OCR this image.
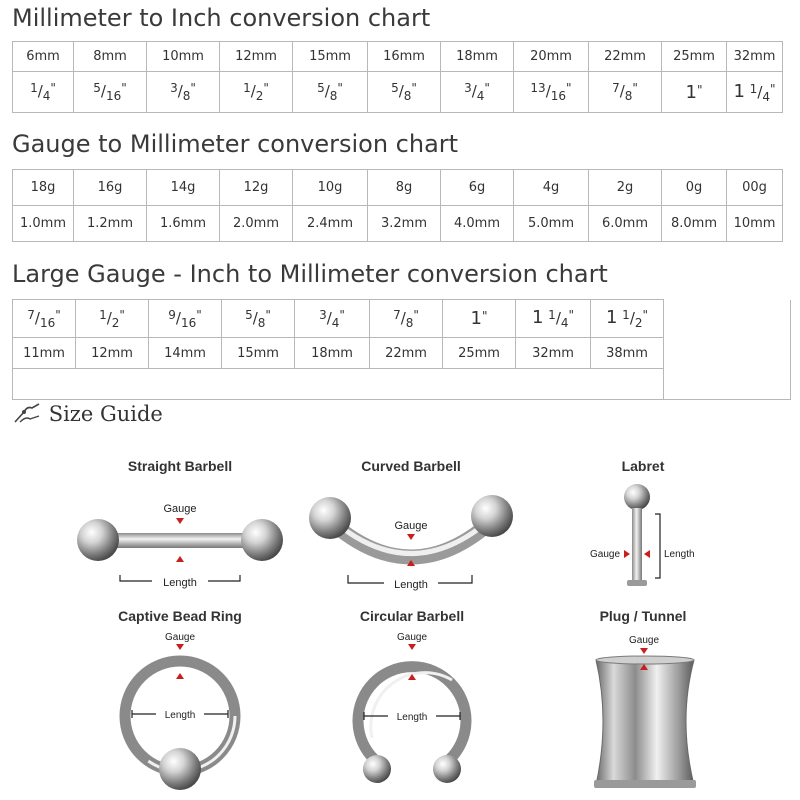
Millimeter to Inch conversion chart
6mm	8mm	10mm	12mm	15mm	16mm	18mm	20mm	22mm	25mm	32mm
$^1/_4^"$	$^5/_{16}^"$	$^3/_8^"$	$^1/_2^"$	$^5/_8^"$	$^5/_8^"$	$^3/_4^"$	$^{13}/_{16}^"$	$^7/_8^"$	1"	1 $^1/_4^"$
Gauge to Millimeter conversion chart
18g	16g	14g	12g	10g	8g	6g	4g	2g	0g	00g
1.0mm	1.2mm	1.6mm	2.0mm	2.4mm	3.2mm	4.0mm	5.0mm	6.0mm	8.0mm	10mm
Large Gauge - Inch to Millimeter conversion chart
$^7/_{16}^"$	$^1/_2^"$	$^9/_{16}^"$	$^5/_8^"$	$^3/_4^"$	$^7/_8^"$	1"	1 $^1/_4^"$	1 $^1/_2^"$	
11mm	12mm	14mm	15mm	18mm	22mm	25mm	32mm	38mm	

Size Guide
Straight Barbell
Gauge
Length
Curved Barbell
Gauge
Length
Labret
Gauge	Length
Captive Bead Ring
Gauge
Length
Circular Barbell
Gauge
Length
Plug / Tunnel
Gauge
